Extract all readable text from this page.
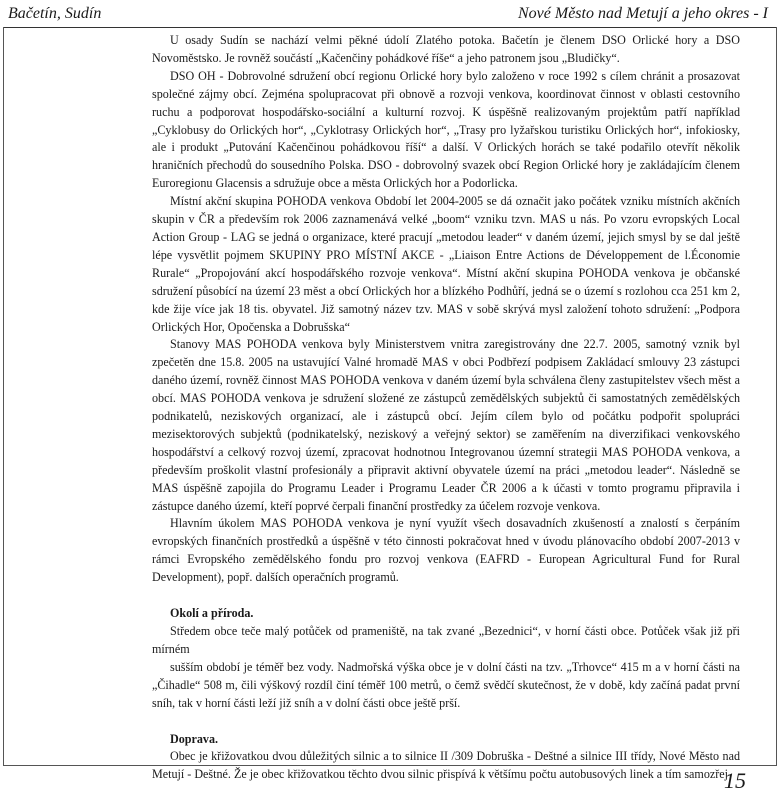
Bačetín, Sudín	Nové Město nad Metují a jeho okres - I

U osady Sudín se nachází velmi pěkné údolí Zlatého potoka. Bačetín je členem DSO Orlické hory a DSO Novoměstsko. Je rovněž součástí „Kačenčiny pohádkové říše“ a jeho patronem jsou „Bludičky“.

DSO OH - Dobrovolné sdružení obcí regionu Orlické hory bylo založeno v roce 1992 s cílem chránit a prosazovat společné zájmy obcí. Zejména spolupracovat při obnově a rozvoji venkova, koordinovat činnost v oblasti cestovního ruchu a podporovat hospodářsko-sociální a kulturní rozvoj. K úspěšně realizovaným projektům patří například „Cyklobusy do Orlických hor“, „Cyklotrasy Orlických hor“, „Trasy pro lyžařskou turistiku Orlických hor“, infokiosky, ale i produkt „Putování Kačenčinou pohádkovou říší“ a další. V Orlických horách se také podařilo otevřít několik hraničních přechodů do sousedního Polska. DSO - dobrovolný svazek obcí Region Orlické hory je zakládajícím členem Euroregionu Glacensis a sdružuje obce a města Orlických hor a Podorlicka.

Místní akční skupina POHODA venkova Období let 2004-2005 se dá označit jako počátek vzniku místních akčních skupin v ČR a především rok 2006 zaznamenává velké „boom“ vzniku tzvn. MAS u nás. Po vzoru evropských Local Action Group - LAG se jedná o organizace, které pracují „metodou leader“ v daném území, jejich smysl by se dal ještě lépe vysvětlit pojmem SKUPINY PRO MÍSTNÍ AKCE - „Liaison Entre Actions de Développement de l.Économie Rurale“ „Propojování akcí hospodářského rozvoje venkova“. Místní akční skupina POHODA venkova je občanské sdružení působící na území 23 měst a obcí Orlických hor a blízkého Podhůří, jedná se o území s rozlohou cca 251 km 2, kde žije více jak 18 tis. obyvatel. Již samotný název tzv. MAS v sobě skrývá mysl založení tohoto sdružení: „Podpora Orlických Hor, Opočenska a Dobrušska“

Stanovy MAS POHODA venkova byly Ministerstvem vnitra zaregistrovány dne 22.7. 2005, samotný vznik byl zpečetěn dne 15.8. 2005 na ustavující Valné hromadě MAS v obci Podbřezí podpisem Zakládací smlouvy 23 zástupci daného území, rovněž činnost MAS POHODA venkova v daném území byla schválena členy zastupitelstev všech měst a obcí. MAS POHODA venkova je sdružení složené ze zástupců zemědělských subjektů či samostatných zemědělských podnikatelů, neziskových organizací, ale i zástupců obcí. Jejím cílem bylo od počátku podpořit spolupráci mezisektorových subjektů (podnikatelský, neziskový a veřejný sektor) se zaměřením na diverzifikaci venkovského hospodářství a celkový rozvoj území, zpracovat hodnotnou Integrovanou územní strategii MAS POHODA venkova, a především proškolit vlastní profesionály a připravit aktivní obyvatele území na práci „metodou leader“. Následně se MAS úspěšně zapojila do Programu Leader i Programu Leader ČR 2006 a k účasti v tomto programu připravila i zástupce daného území, kteří poprvé čerpali finanční prostředky za účelem rozvoje venkova.

Hlavním úkolem MAS POHODA venkova je nyní využít všech dosavadních zkušeností a znalostí s čerpáním evropských finančních prostředků a úspěšně v této činnosti pokračovat hned v úvodu plánovacího období 2007-2013 v rámci Evropského zemědělského fondu pro rozvoj venkova (EAFRD - European Agricultural Fund for Rural Development), popř. dalších operačních programů.

Okolí a příroda.

Středem obce teče malý potůček od prameniště, na tak zvané „Bezednici“, v horní části obce. Potůček však již při mírném

sušším období je téměř bez vody. Nadmořská výška obce je v dolní části na tzv. „Trhovce“ 415 m a v horní části na „Čihadle“ 508 m, čili výškový rozdíl činí téměř 100 metrů, o čemž svědčí skutečnost, že v době, kdy začíná padat první sníh, tak v horní části leží již sníh a v dolní části obce ještě prší.

Doprava.

Obec je křižovatkou dvou důležitých silnic a to silnice II /309 Dobruška - Deštné a silnice III třídy, Nové Město nad Metují - Deštné. Že je obec křižovatkou těchto dvou silnic přispívá k většímu počtu autobusových linek a tím samozřej-

15
